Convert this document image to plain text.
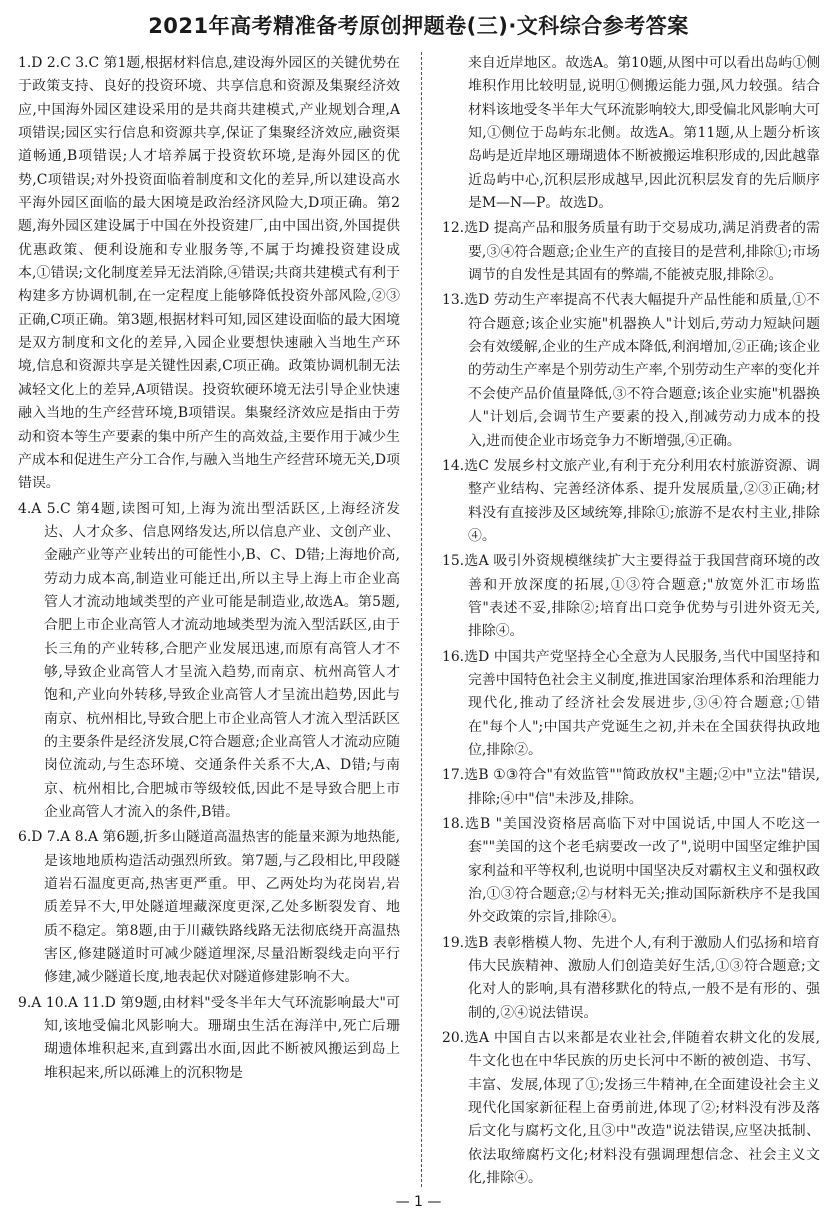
2021年高考精准备考原创押题卷(三)·文科综合参考答案

1.D 2.C 3.C 第1题,根据材料信息,建设海外园区的关键优势在于政策支持、良好的投资环境、共享信息和资源及集聚经济效应,中国海外园区建设采用的是共商共建模式,产业规划合理,A项错误;园区实行信息和资源共享,保证了集聚经济效应,融资渠道畅通,B项错误;人才培养属于投资软环境,是海外园区的优势,C项错误;对外投资面临着制度和文化的差异,所以建设高水平海外园区面临的最大困境是政治经济风险大,D项正确。第2题,海外园区建设属于中国在外投资建厂,由中国出资,外国提供优惠政策、便利设施和专业服务等,不属于均摊投资建设成本,①错误;文化制度差异无法消除,④错误;共商共建模式有利于构建多方协调机制,在一定程度上能够降低投资外部风险,②③正确,C项正确。第3题,根据材料可知,园区建设面临的最大困境是双方制度和文化的差异,入园企业要想快速融入当地生产环境,信息和资源共享是关键性因素,C项正确。政策协调机制无法减轻文化上的差异,A项错误。投资软硬环境无法引导企业快速融入当地的生产经营环境,B项错误。集聚经济效应是指由于劳动和资本等生产要素的集中所产生的高效益,主要作用于减少生产成本和促进生产分工合作,与融入当地生产经营环境无关,D项错误。

4.A 5.C 第4题,读图可知,上海为流出型活跃区,上海经济发达、人才众多、信息网络发达,所以信息产业、文创产业、金融产业等产业转出的可能性小,B、C、D错;上海地价高,劳动力成本高,制造业可能迁出,所以主导上海上市企业高管人才流动地域类型的产业可能是制造业,故选A。第5题,合肥上市企业高管人才流动地域类型为流入型活跃区,由于长三角的产业转移,合肥产业发展迅速,而原有高管人才不够,导致企业高管人才呈流入趋势,而南京、杭州高管人才饱和,产业向外转移,导致企业高管人才呈流出趋势,因此与南京、杭州相比,导致合肥上市企业高管人才流入型活跃区的主要条件是经济发展,C符合题意;企业高管人才流动应随岗位流动,与生态环境、交通条件关系不大,A、D错;与南京、杭州相比,合肥城市等级较低,因此不是导致合肥上市企业高管人才流入的条件,B错。

6.D 7.A 8.A 第6题,折多山隧道高温热害的能量来源为地热能,是该地地质构造活动强烈所致。第7题,与乙段相比,甲段隧道岩石温度更高,热害更严重。甲、乙两处均为花岗岩,岩质差异不大,甲处隧道埋藏深度更深,乙处多断裂发育、地质不稳定。第8题,由于川藏铁路线路无法彻底绕开高温热害区,修建隧道时可减少隧道埋深,尽量沿断裂线走向平行修建,减少隧道长度,地表起伏对隧道修建影响不大。

9.A 10.A 11.D 第9题,由材料"受冬半年大气环流影响最大"可知,该地受偏北风影响大。珊瑚虫生活在海洋中,死亡后珊瑚遗体堆积起来,直到露出水面,因此不断被风搬运到岛上堆积起来,所以砾滩上的沉积物是

来自近岸地区。故选A。第10题,从图中可以看出岛屿①侧堆积作用比较明显,说明①侧搬运能力强,风力较强。结合材料该地受冬半年大气环流影响较大,即受偏北风影响大可知,①侧位于岛屿东北侧。故选A。第11题,从上题分析该岛屿是近岸地区珊瑚遗体不断被搬运堆积形成的,因此越靠近岛屿中心,沉积层形成越早,因此沉积层发育的先后顺序是M—N—P。故选D。

12.选D 提高产品和服务质量有助于交易成功,满足消费者的需要,③④符合题意;企业生产的直接目的是营利,排除①;市场调节的自发性是其固有的弊端,不能被克服,排除②。

13.选D 劳动生产率提高不代表大幅提升产品性能和质量,①不符合题意;该企业实施"机器换人"计划后,劳动力短缺问题会有效缓解,企业的生产成本降低,利润增加,②正确;该企业的劳动生产率是个别劳动生产率,个别劳动生产率的变化并不会使产品价值量降低,③不符合题意;该企业实施"机器换人"计划后,会调节生产要素的投入,削减劳动力成本的投入,进而使企业市场竞争力不断增强,④正确。

14.选C 发展乡村文旅产业,有利于充分利用农村旅游资源、调整产业结构、完善经济体系、提升发展质量,②③正确;材料没有直接涉及区域统筹,排除①;旅游不是农村主业,排除④。

15.选A 吸引外资规模继续扩大主要得益于我国营商环境的改善和开放深度的拓展,①③符合题意;"放宽外汇市场监管"表述不妥,排除②;培育出口竞争优势与引进外资无关,排除④。

16.选D 中国共产党坚持全心全意为人民服务,当代中国坚持和完善中国特色社会主义制度,推进国家治理体系和治理能力现代化,推动了经济社会发展进步,③④符合题意;①错在"每个人";中国共产党诞生之初,并未在全国获得执政地位,排除②。

17.选B ①③符合"有效监管""简政放权"主题;②中"立法"错误,排除;④中"信"未涉及,排除。

18.选B "美国没资格居高临下对中国说话,中国人不吃这一套""美国的这个老毛病要改一改了",说明中国坚定维护国家利益和平等权利,也说明中国坚决反对霸权主义和强权政治,①③符合题意;②与材料无关;推动国际新秩序不是我国外交政策的宗旨,排除④。

19.选B 表彰楷模人物、先进个人,有利于激励人们弘扬和培育伟大民族精神、激励人们创造美好生活,①③符合题意;文化对人的影响,具有潜移默化的特点,一般不是有形的、强制的,②④说法错误。

20.选A 中国自古以来都是农业社会,伴随着农耕文化的发展,牛文化也在中华民族的历史长河中不断的被创造、书写、丰富、发展,体现了①;发扬三牛精神,在全面建设社会主义现代化国家新征程上奋勇前进,体现了②;材料没有涉及落后文化与腐朽文化,且③中"改造"说法错误,应坚决抵制、依法取缔腐朽文化;材料没有强调理想信念、社会主义文化,排除④。

— 1 —
